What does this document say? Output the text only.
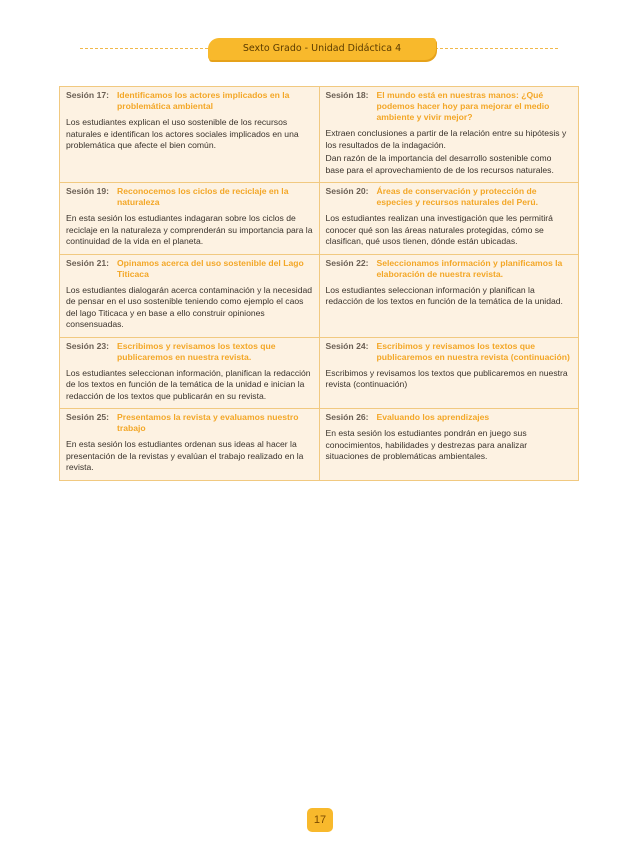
Sexto Grado - Unidad Didáctica 4
Sesión 17: Identificamos los actores implicados en la problemática ambiental

Los estudiantes explican el uso sostenible de los recursos naturales e identifican los actores sociales implicados en una problemática que afecte el bien común.

Sesión 18: El mundo está en nuestras manos: ¿Qué podemos hacer hoy para mejorar el medio ambiente y vivir mejor?

Extraen conclusiones a partir de la relación entre su hipótesis y los resultados de la indagación.

Dan razón de la importancia del desarrollo sostenible como base para el aprovechamiento de de los recursos naturales.

Sesión 19: Reconocemos los ciclos de reciclaje en la naturaleza

En esta sesión los estudiantes indagaran sobre los ciclos de reciclaje en la naturaleza y comprenderán su importancia para la continuidad de la vida en el planeta.

Sesión 20: Áreas de conservación y protección de especies y recursos naturales del Perú.

Los estudiantes realizan una investigación que les permitirá conocer qué son las áreas naturales protegidas, cómo se clasifican, qué usos tienen, dónde están ubicadas.

Sesión 21: Opinamos acerca del uso sostenible del Lago Titicaca

Los estudiantes dialogarán acerca contaminación y la necesidad de pensar en el uso sostenible teniendo como ejemplo el caos del lago Titicaca y en base a ello construir opiniones consensuadas.

Sesión 22: Seleccionamos información y planificamos la elaboración de nuestra revista.

Los estudiantes seleccionan información y planifican la redacción de los textos en función de la temática de la unidad.

Sesión 23: Escribimos y revisamos los textos que publicaremos en nuestra revista.

Los estudiantes seleccionan información, planifican la redacción de los textos en función de la temática de la unidad e inician la redacción de los textos que publicarán en su revista.

Sesión 24: Escribimos y revisamos los textos que publicaremos en nuestra revista (continuación)

Escribimos y revisamos los textos que publicaremos en nuestra revista (continuación)

Sesión 25: Presentamos la revista y evaluamos nuestro trabajo

En esta sesión los estudiantes ordenan sus ideas al hacer la presentación de la revistas y evalúan el trabajo realizado en la revista.

Sesión 26: Evaluando los aprendizajes

En esta sesión los estudiantes pondrán en juego sus conocimientos, habilidades y destrezas para analizar situaciones de problemáticas ambientales.

17
